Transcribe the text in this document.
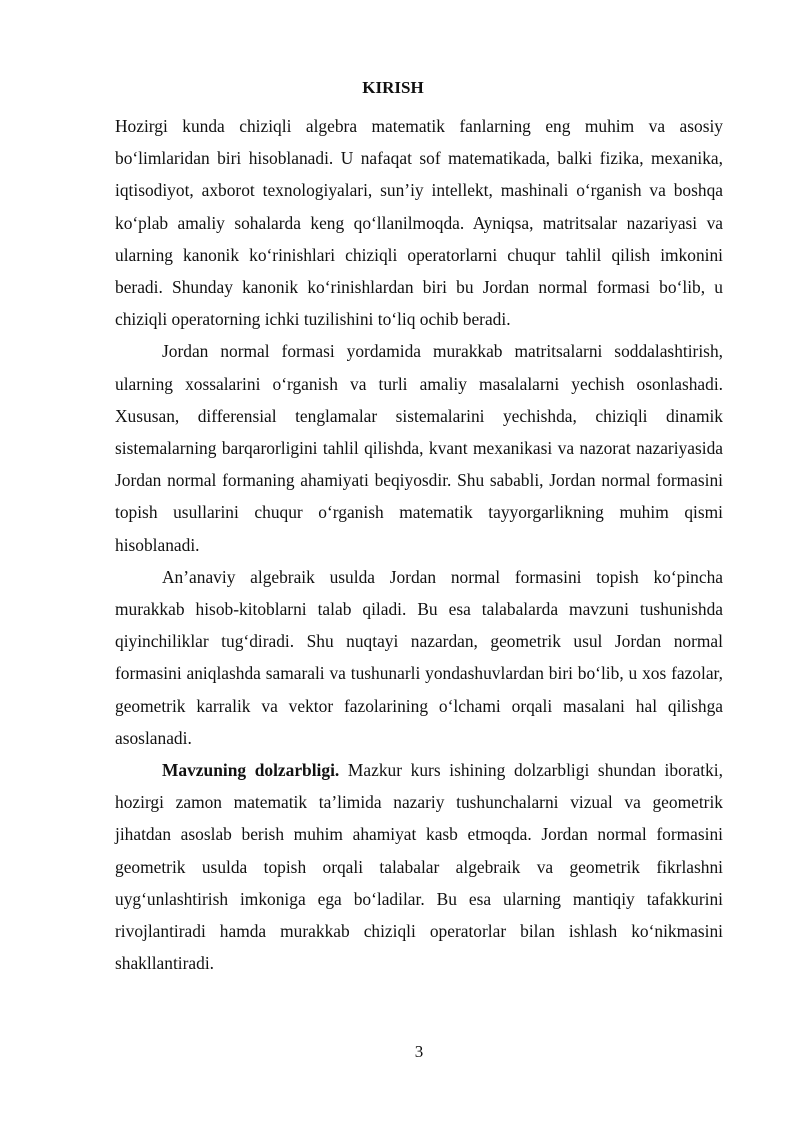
KIRISH

Hozirgi kunda chiziqli algebra matematik fanlarning eng muhim va asosiy bo‘limlaridan biri hisoblanadi. U nafaqat sof matematikada, balki fizika, mexanika, iqtisodiyot, axborot texnologiyalari, sun’iy intellekt, mashinali o‘rganish va boshqa ko‘plab amaliy sohalarda keng qo‘llanilmoqda. Ayniqsa, matritsalar nazariyasi va ularning kanonik ko‘rinishlari chiziqli operatorlarni chuqur tahlil qilish imkonini beradi. Shunday kanonik ko‘rinishlardan biri bu Jordan normal formasi bo‘lib, u chiziqli operatorning ichki tuzilishini to‘liq ochib beradi.

Jordan normal formasi yordamida murakkab matritsalarni soddalashtirish, ularning xossalarini o‘rganish va turli amaliy masalalarni yechish osonlashadi. Xususan, differensial tenglamalar sistemalarini yechishda, chiziqli dinamik sistemalarning barqarorligini tahlil qilishda, kvant mexanikasi va nazorat nazariyasida Jordan normal formaning ahamiyati beqiyosdir. Shu sababli, Jordan normal formasini topish usullarini chuqur o‘rganish matematik tayyorgarlikning muhim qismi hisoblanadi.

An’anaviy algebraik usulda Jordan normal formasini topish ko‘pincha murakkab hisob-kitoblarni talab qiladi. Bu esa talabalarda mavzuni tushunishda qiyinchiliklar tug‘diradi. Shu nuqtayi nazardan, geometrik usul Jordan normal formasini aniqlashda samarali va tushunarli yondashuvlardan biri bo‘lib, u xos fazolar, geometrik karralik va vektor fazolarining o‘lchami orqali masalani hal qilishga asoslanadi.

Mavzuning dolzarbligi. Mazkur kurs ishining dolzarbligi shundan iboratki, hozirgi zamon matematik ta’limida nazariy tushunchalarni vizual va geometrik jihatdan asoslab berish muhim ahamiyat kasb etmoqda. Jordan normal formasini geometrik usulda topish orqali talabalar algebraik va geometrik fikrlashni uyg‘unlashtirish imkoniga ega bo‘ladilar. Bu esa ularning mantiqiy tafakkurini rivojlantiradi hamda murakkab chiziqli operatorlar bilan ishlash ko‘nikmasini shakllantiradi.

3
